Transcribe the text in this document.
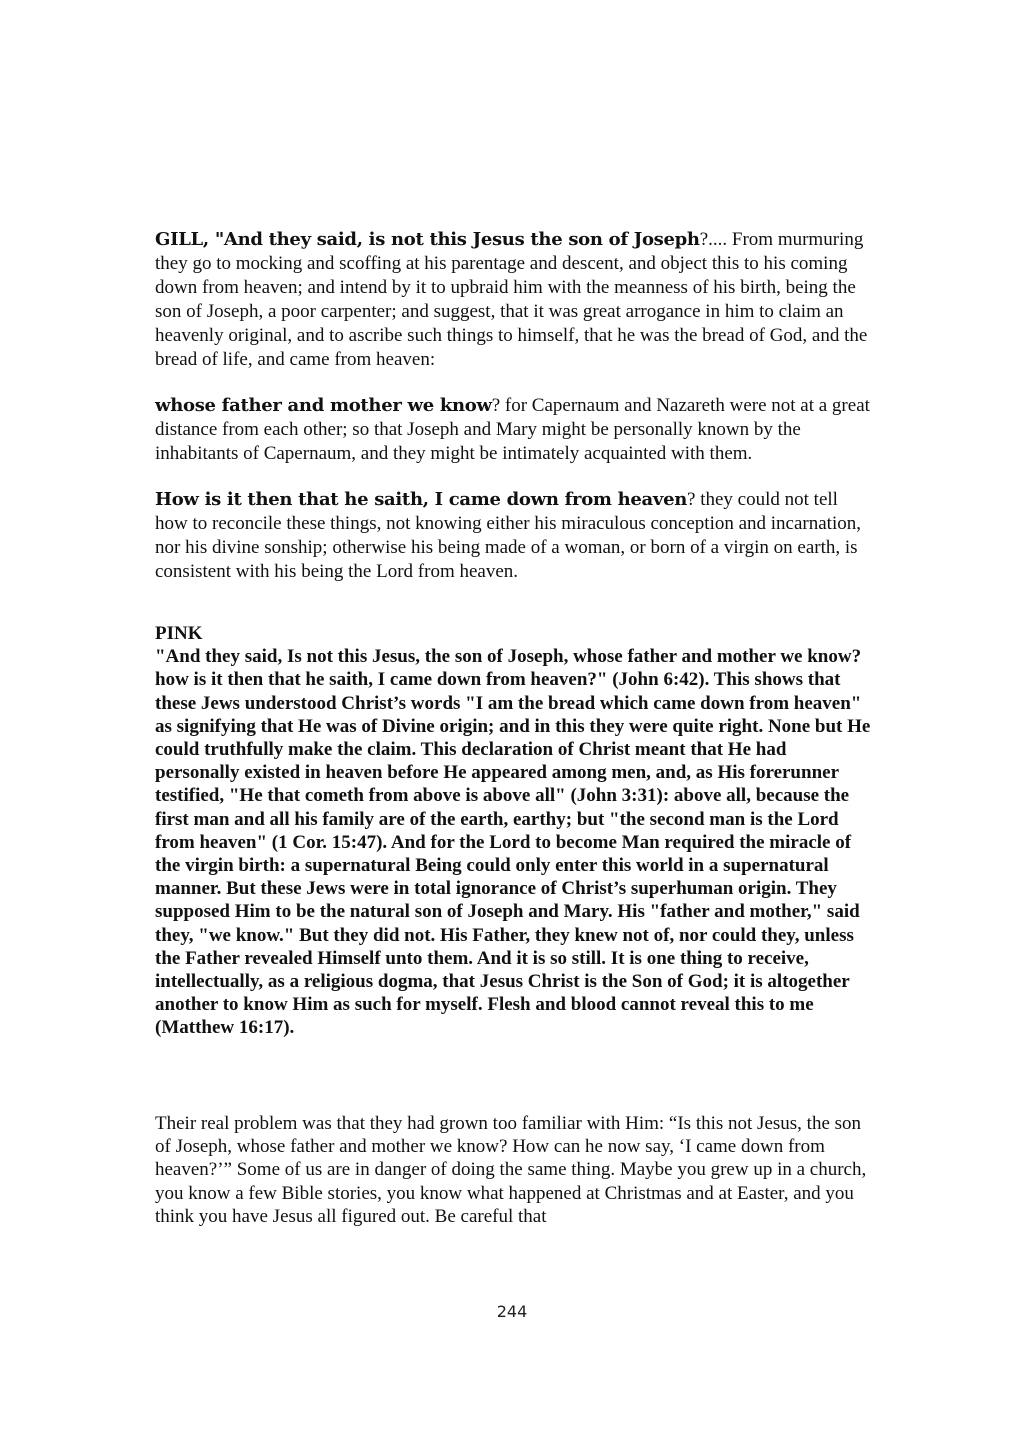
GILL, "And they said, is not this Jesus the son of Joseph?.... From murmuring they go to mocking and scoffing at his parentage and descent, and object this to his coming down from heaven; and intend by it to upbraid him with the meanness of his birth, being the son of Joseph, a poor carpenter; and suggest, that it was great arrogance in him to claim an heavenly original, and to ascribe such things to himself, that he was the bread of God, and the bread of life, and came from heaven:

whose father and mother we know? for Capernaum and Nazareth were not at a great distance from each other; so that Joseph and Mary might be personally known by the inhabitants of Capernaum, and they might be intimately acquainted with them.

How is it then that he saith, I came down from heaven? they could not tell how to reconcile these things, not knowing either his miraculous conception and incarnation, nor his divine sonship; otherwise his being made of a woman, or born of a virgin on earth, is consistent with his being the Lord from heaven.

PINK

"And they said, Is not this Jesus, the son of Joseph, whose father and mother we know? how is it then that he saith, I came down from heaven?" (John 6:42). This shows that these Jews understood Christ’s words "I am the bread which came down from heaven" as signifying that He was of Divine origin; and in this they were quite right. None but He could truthfully make the claim. This declaration of Christ meant that He had personally existed in heaven before He appeared among men, and, as His forerunner testified, "He that cometh from above is above all" (John 3:31): above all, because the first man and all his family are of the earth, earthy; but "the second man is the Lord from heaven" (1 Cor. 15:47). And for the Lord to become Man required the miracle of the virgin birth: a supernatural Being could only enter this world in a supernatural manner. But these Jews were in total ignorance of Christ’s superhuman origin. They supposed Him to be the natural son of Joseph and Mary. His "father and mother," said they, "we know." But they did not. His Father, they knew not of, nor could they, unless the Father revealed Himself unto them. And it is so still. It is one thing to receive, intellectually, as a religious dogma, that Jesus Christ is the Son of God; it is altogether another to know Him as such for myself. Flesh and blood cannot reveal this to me (Matthew 16:17).

Their real problem was that they had grown too familiar with Him: “Is this not Jesus, the son of Joseph, whose father and mother we know? How can he now say, ‘I came down from heaven?’” Some of us are in danger of doing the same thing. Maybe you grew up in a church, you know a few Bible stories, you know what happened at Christmas and at Easter, and you think you have Jesus all figured out. Be careful that

244
